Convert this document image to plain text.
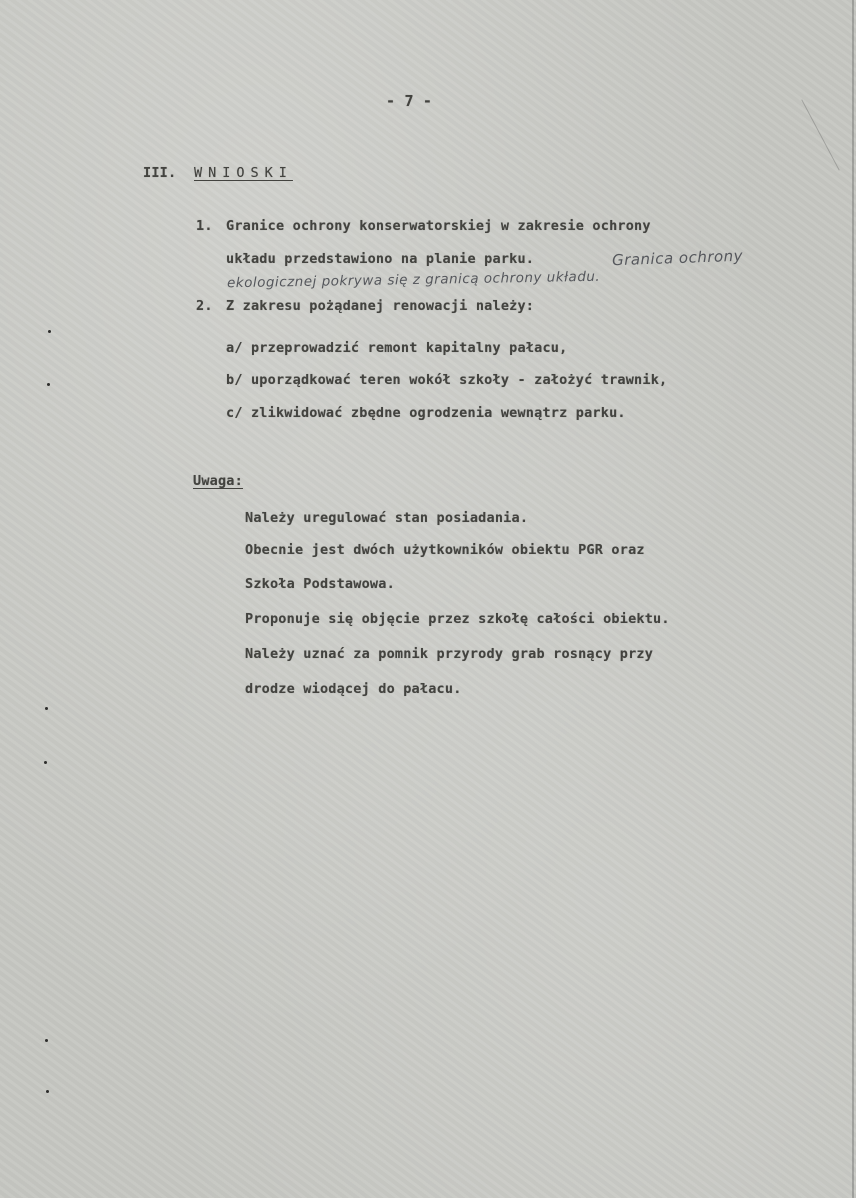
- 7 -

III. WNIOSKI

1. Granice ochrony konserwatorskiej w zakresie ochrony

układu przedstawiono na planie parku.	Granica ochrony

ekologicznej pokrywa się z granicą ochrony układu.

2. Z zakresu pożądanej renowacji należy:

a/ przeprowadzić remont kapitalny pałacu,

b/ uporządkować teren wokół szkoły - założyć trawnik,

c/ zlikwidować zbędne ogrodzenia wewnątrz parku.

Uwaga:

Należy uregulować stan posiadania.

Obecnie jest dwóch użytkowników obiektu PGR oraz

Szkoła Podstawowa.

Proponuje się objęcie przez szkołę całości obiektu.

Należy uznać za pomnik przyrody grab rosnący przy

drodze wiodącej do pałacu.
